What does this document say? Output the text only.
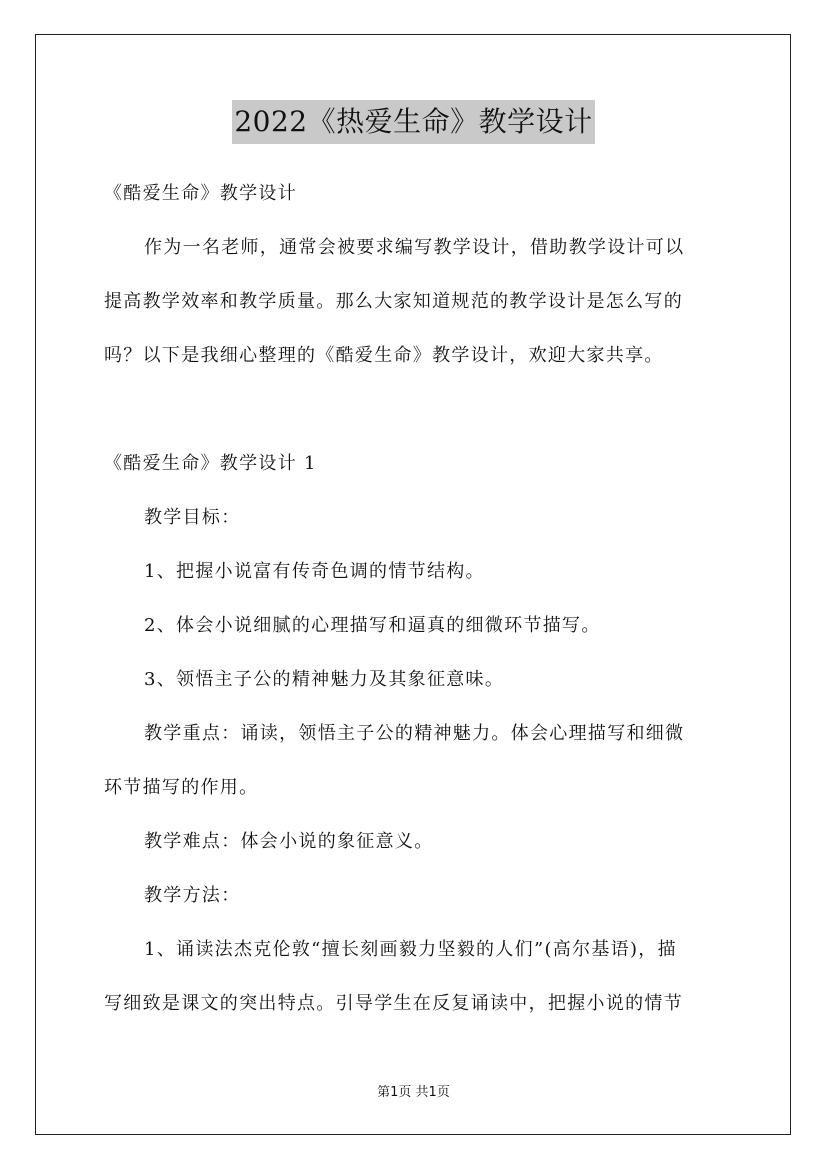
2022《热爱生命》教学设计

《酷爱生命》教学设计

作为一名老师，通常会被要求编写教学设计，借助教学设计可以

提高教学效率和教学质量。那么大家知道规范的教学设计是怎么写的

吗？以下是我细心整理的《酷爱生命》教学设计，欢迎大家共享。

《酷爱生命》教学设计 1

教学目标：

1、把握小说富有传奇色调的情节结构。

2、体会小说细腻的心理描写和逼真的细微环节描写。

3、领悟主子公的精神魅力及其象征意味。

教学重点：诵读，领悟主子公的精神魅力。体会心理描写和细微

环节描写的作用。

教学难点：体会小说的象征意义。

教学方法：

1、诵读法杰克伦敦“擅长刻画毅力坚毅的人们”(高尔基语)，描

写细致是课文的突出特点。引导学生在反复诵读中，把握小说的情节

第1页 共1页
